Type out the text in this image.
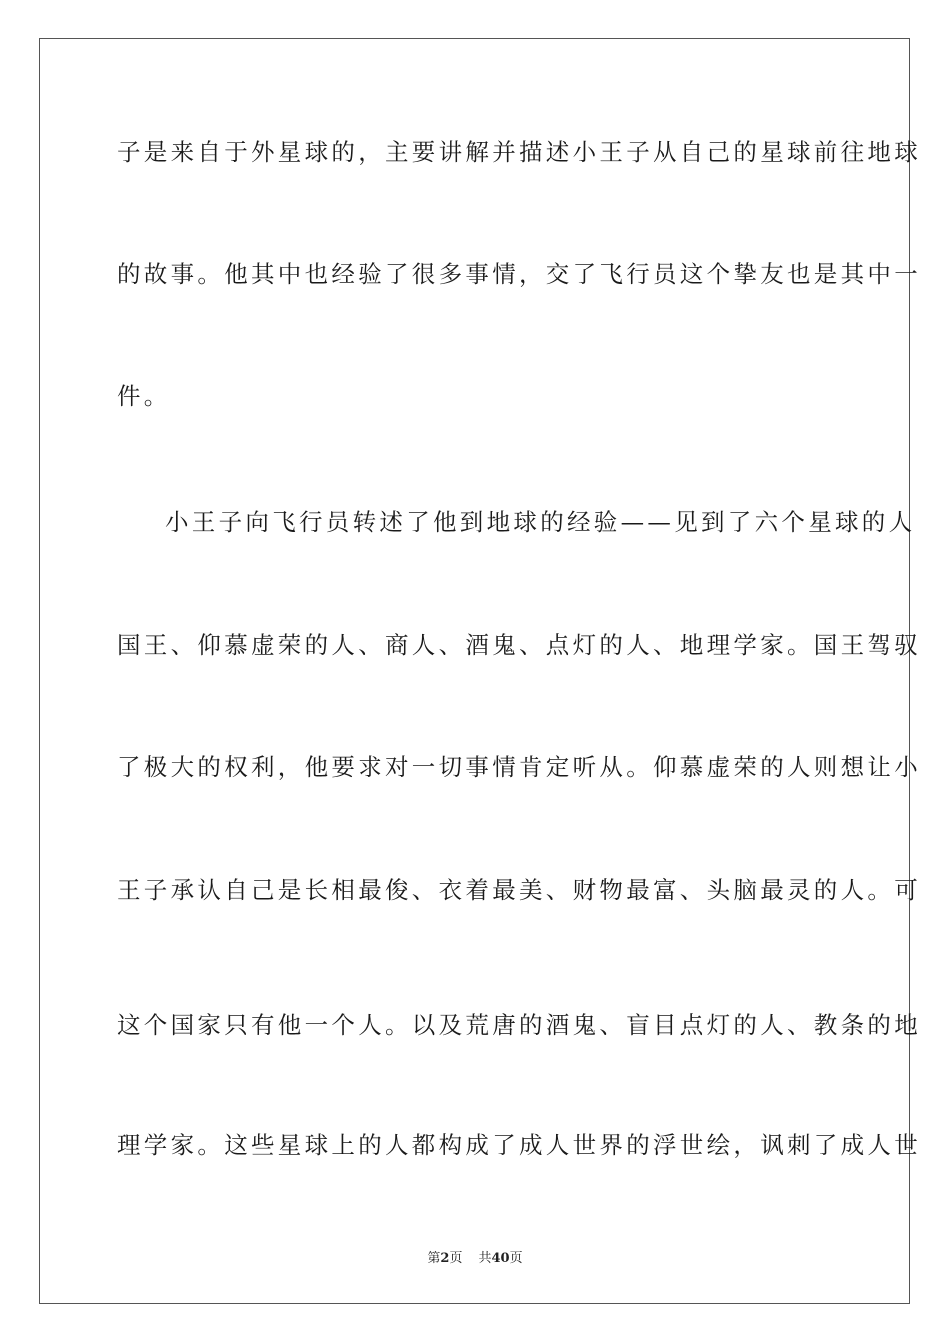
子是来自于外星球的，主要讲解并描述小王子从自己的星球前往地球
的故事。他其中也经验了很多事情，交了飞行员这个挚友也是其中一
件。
小王子向飞行员转述了他到地球的经验——见到了六个星球的人
国王、仰慕虚荣的人、商人、酒鬼、点灯的人、地理学家。国王驾驭
了极大的权利，他要求对一切事情肯定听从。仰慕虚荣的人则想让小
王子承认自己是长相最俊、衣着最美、财物最富、头脑最灵的人。可
这个国家只有他一个人。以及荒唐的酒鬼、盲目点灯的人、教条的地
理学家。这些星球上的人都构成了成人世界的浮世绘，讽刺了成人世
第2页 共40页
